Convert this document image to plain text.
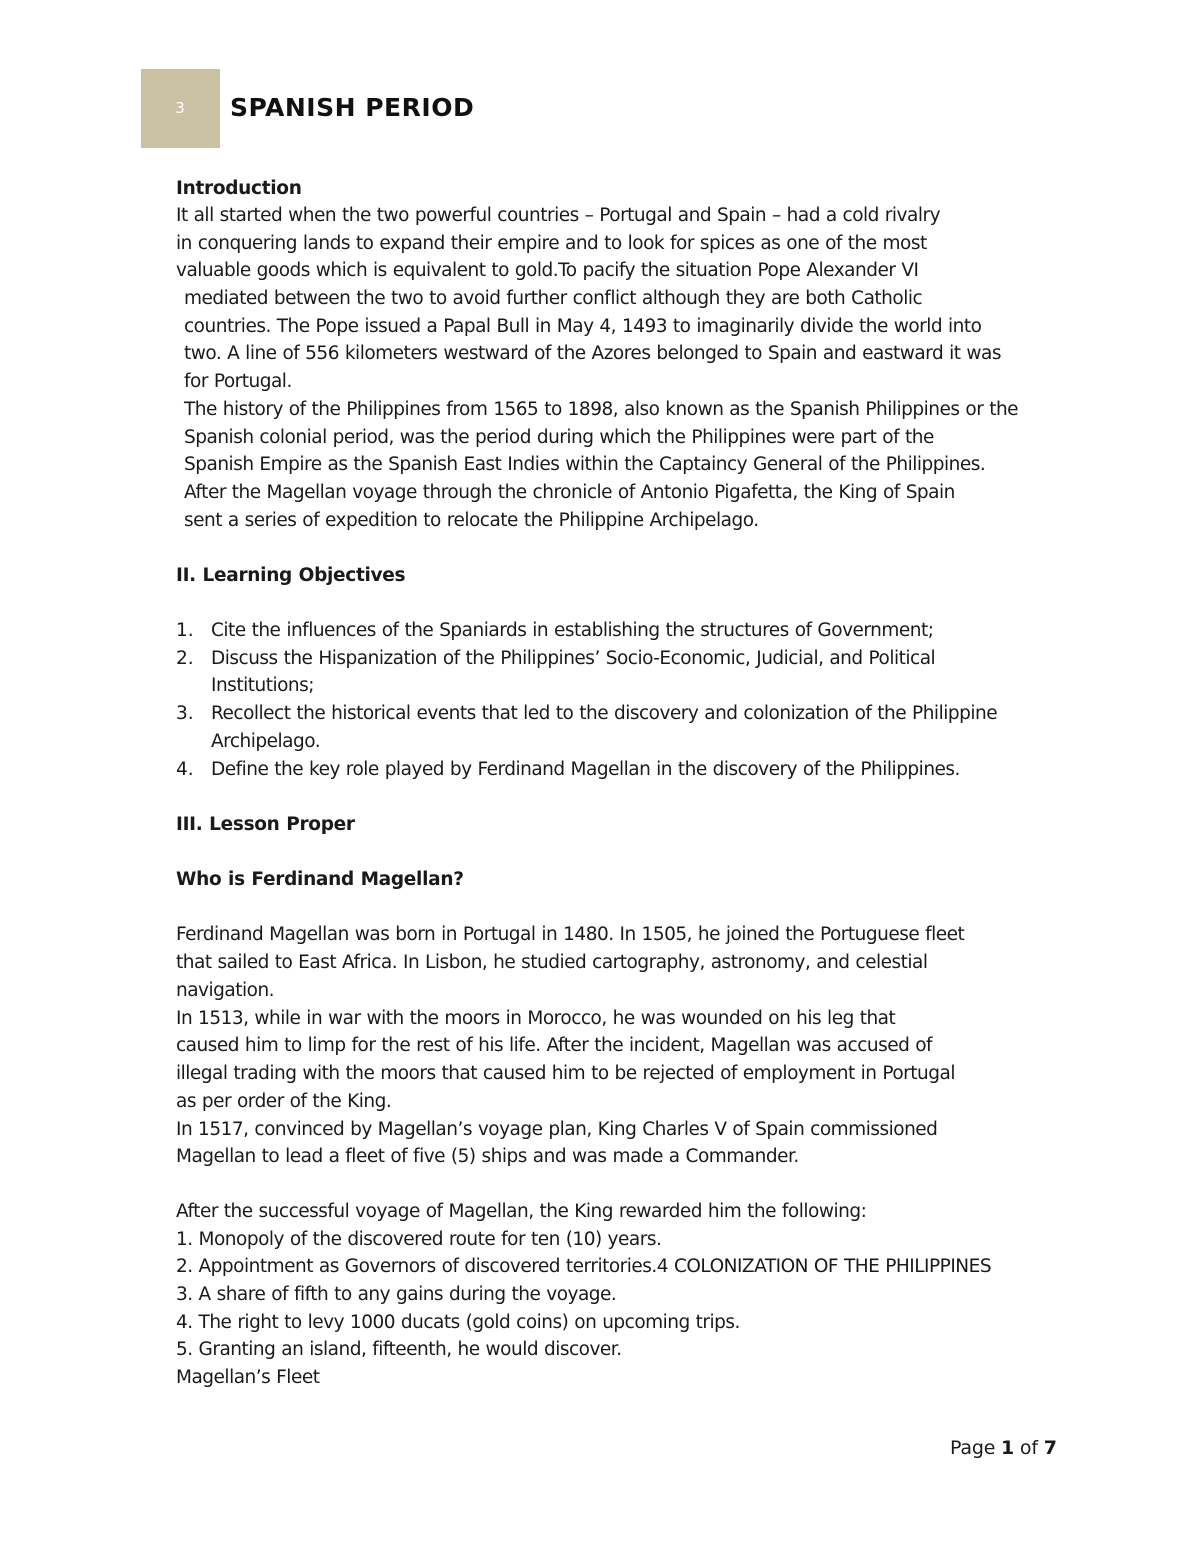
3 SPANISH PERIOD
Introduction
It all started when the two powerful countries – Portugal and Spain – had a cold rivalry
in conquering lands to expand their empire and to look for spices as one of the most
valuable goods which is equivalent to gold.To pacify the situation Pope Alexander VI
mediated between the two to avoid further conflict although they are both Catholic
countries. The Pope issued a Papal Bull in May 4, 1493 to imaginarily divide the world into
two. A line of 556 kilometers westward of the Azores belonged to Spain and eastward it was
for Portugal.
The history of the Philippines from 1565 to 1898, also known as the Spanish Philippines or the
Spanish colonial period, was the period during which the Philippines were part of the
Spanish Empire as the Spanish East Indies within the Captaincy General of the Philippines.
After the Magellan voyage through the chronicle of Antonio Pigafetta, the King of Spain
sent a series of expedition to relocate the Philippine Archipelago.
II. Learning Objectives
1. Cite the influences of the Spaniards in establishing the structures of Government;
2. Discuss the Hispanization of the Philippines’ Socio-Economic, Judicial, and Political
Institutions;
3. Recollect the historical events that led to the discovery and colonization of the Philippine
Archipelago.
4. Define the key role played by Ferdinand Magellan in the discovery of the Philippines.
III. Lesson Proper
Who is Ferdinand Magellan?
Ferdinand Magellan was born in Portugal in 1480. In 1505, he joined the Portuguese fleet
that sailed to East Africa. In Lisbon, he studied cartography, astronomy, and celestial
navigation.
In 1513, while in war with the moors in Morocco, he was wounded on his leg that
caused him to limp for the rest of his life. After the incident, Magellan was accused of
illegal trading with the moors that caused him to be rejected of employment in Portugal
as per order of the King.
In 1517, convinced by Magellan’s voyage plan, King Charles V of Spain commissioned
Magellan to lead a fleet of five (5) ships and was made a Commander.
After the successful voyage of Magellan, the King rewarded him the following:
1. Monopoly of the discovered route for ten (10) years.
2. Appointment as Governors of discovered territories.4 COLONIZATION OF THE PHILIPPINES
3. A share of fifth to any gains during the voyage.
4. The right to levy 1000 ducats (gold coins) on upcoming trips.
5. Granting an island, fifteenth, he would discover.
Magellan’s Fleet
Page 1 of 7
